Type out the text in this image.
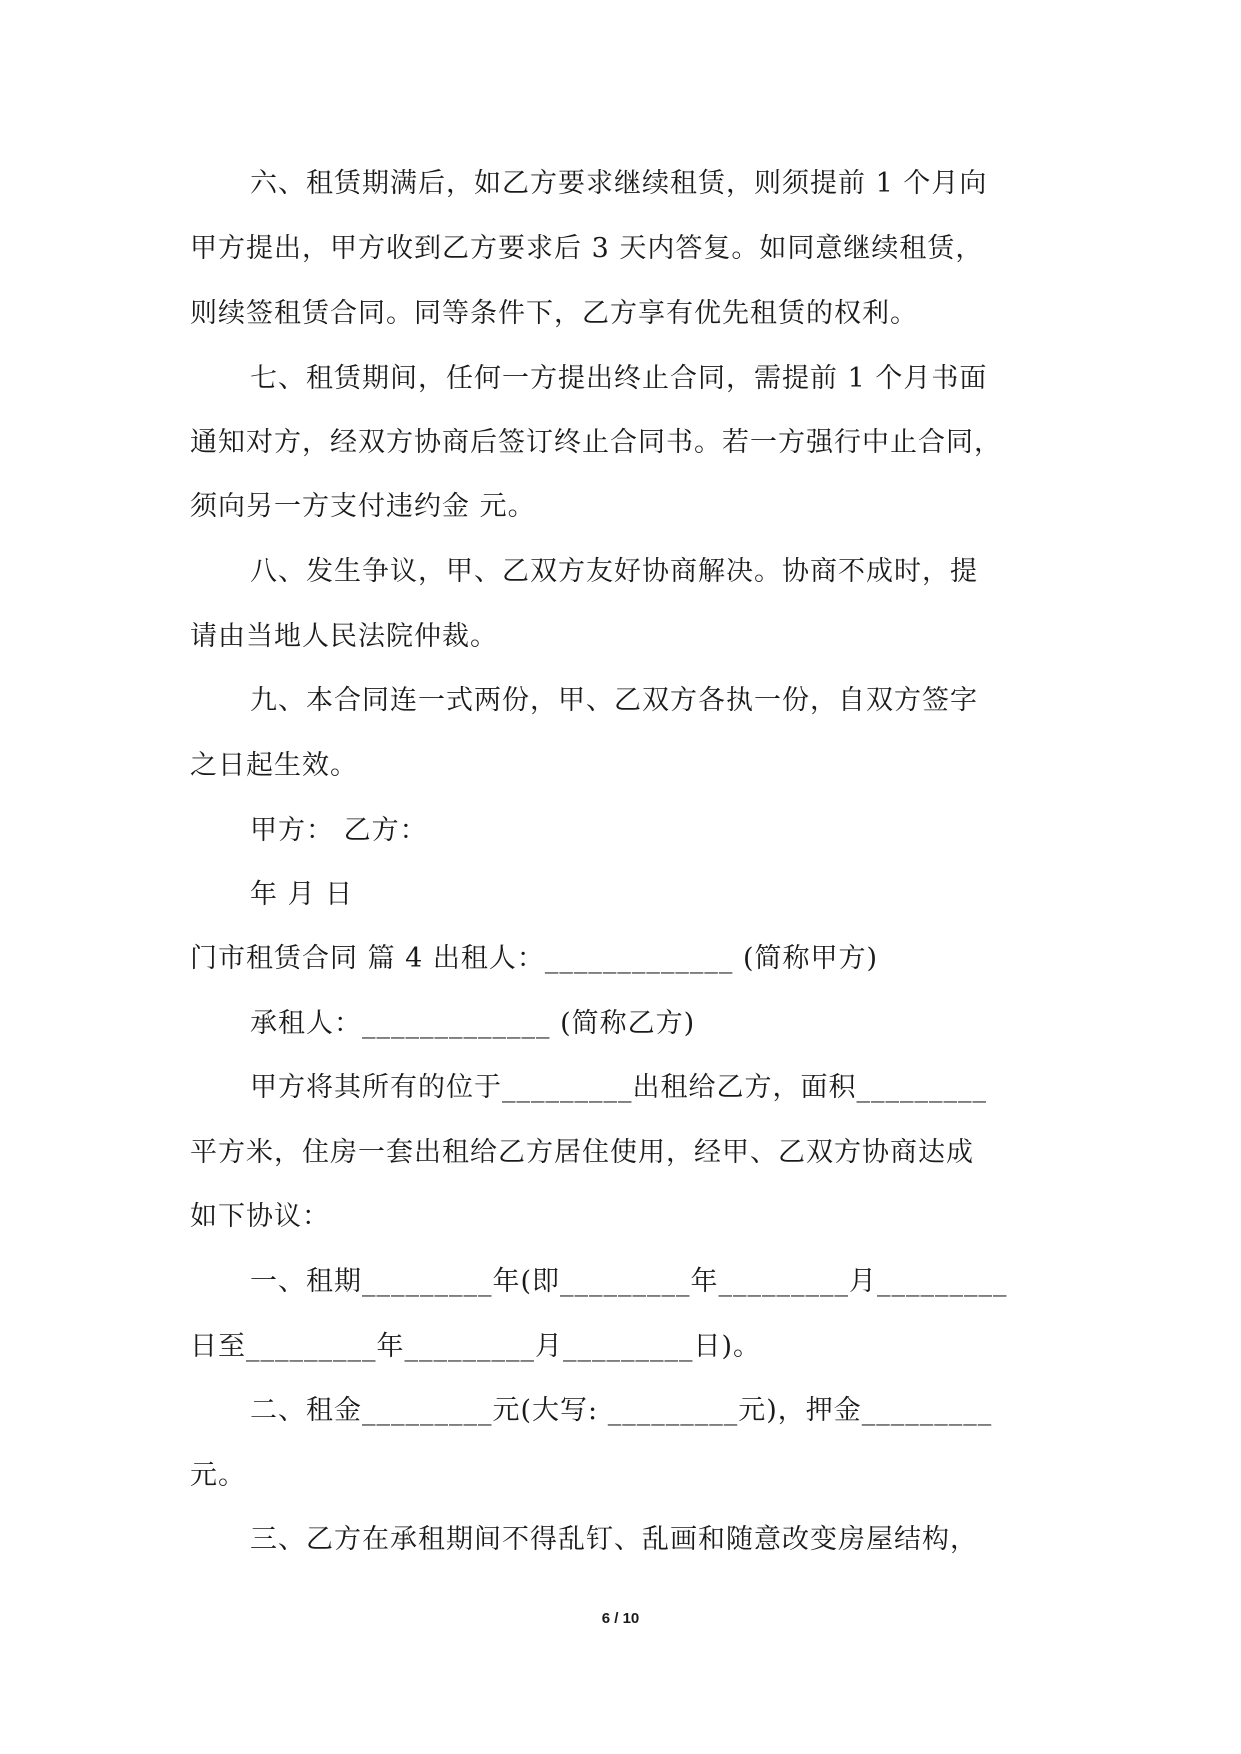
六、租赁期满后，如乙方要求继续租赁，则须提前 1 个月向
甲方提出，甲方收到乙方要求后 3 天内答复。如同意继续租赁，
则续签租赁合同。同等条件下，乙方享有优先租赁的权利。
七、租赁期间，任何一方提出终止合同，需提前 1 个月书面
通知对方，经双方协商后签订终止合同书。若一方强行中止合同，
须向另一方支付违约金 元。
八、发生争议，甲、乙双方友好协商解决。协商不成时，提
请由当地人民法院仲裁。
九、本合同连一式两份，甲、乙双方各执一份，自双方签字
之日起生效。
甲方： 乙方：
年 月 日
门市租赁合同 篇 4 出租人：_____________ (简称甲方)
承租人：_____________ (简称乙方)
甲方将其所有的位于_________出租给乙方，面积_________
平方米，住房一套出租给乙方居住使用，经甲、乙双方协商达成
如下协议：
一、租期_________年(即_________年_________月_________
日至_________年_________月_________日)。
二、租金_________元(大写: _________元)，押金_________
元。
三、乙方在承租期间不得乱钉、乱画和随意改变房屋结构，
6 / 10
